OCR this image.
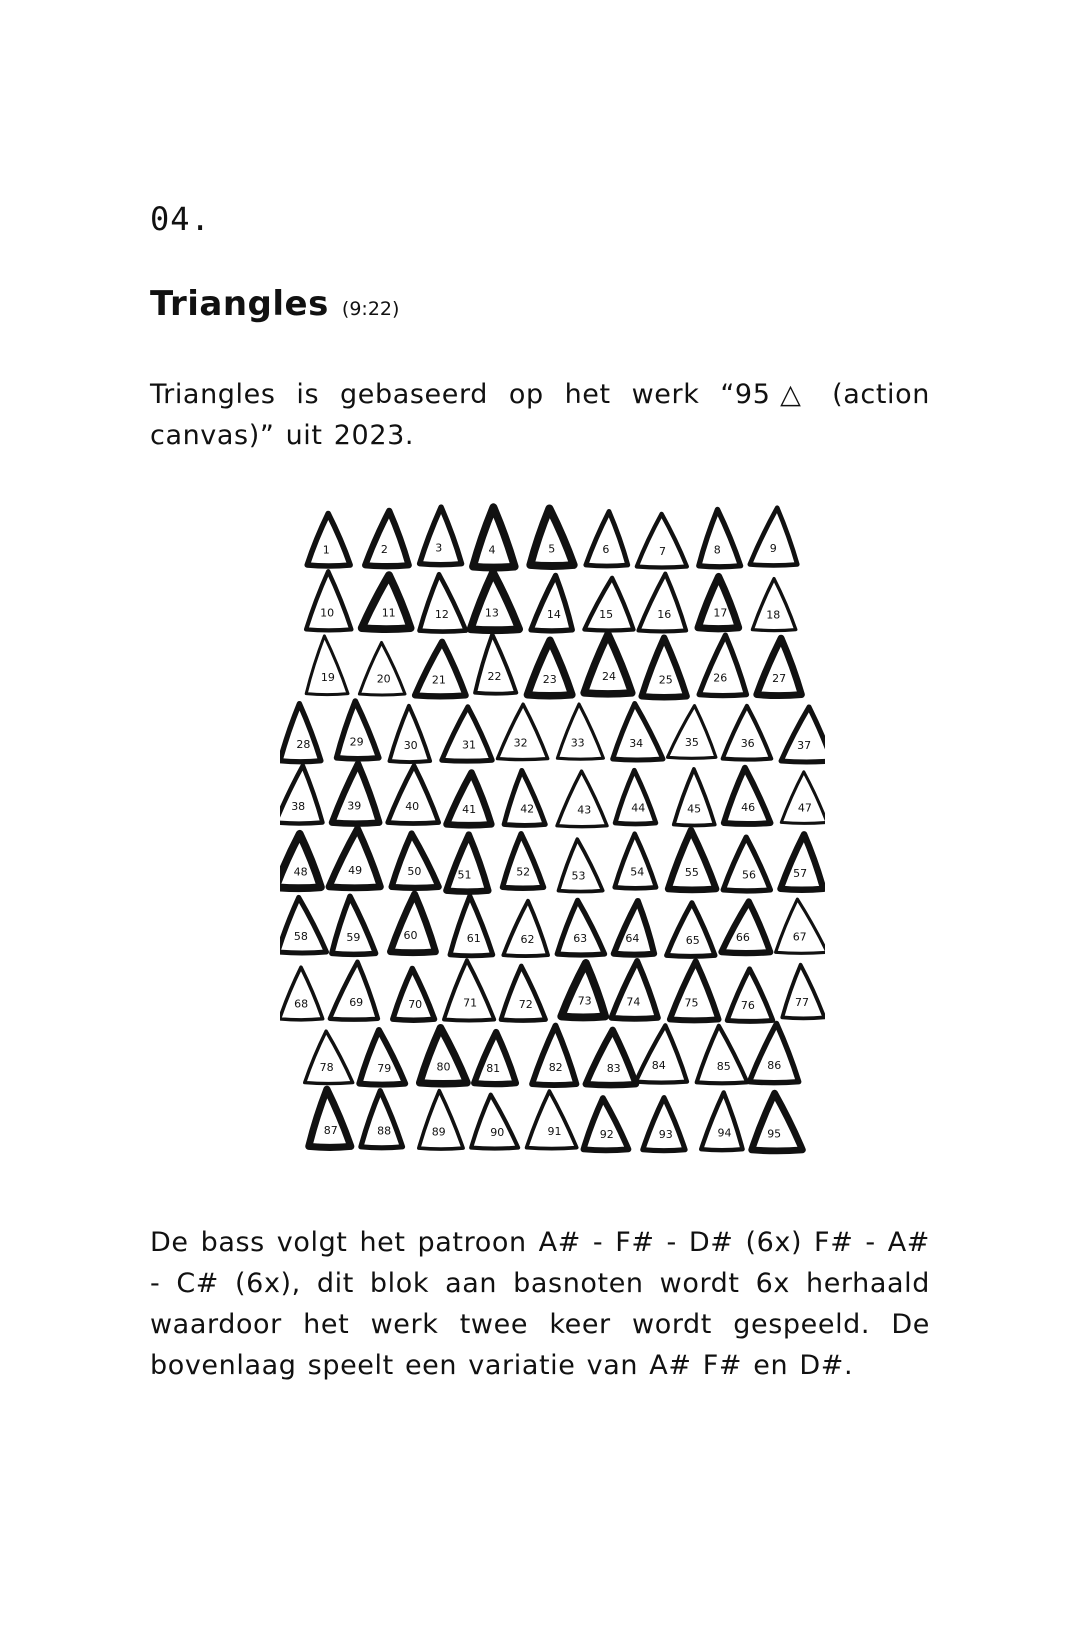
04.
Triangles (9:22)
Triangles is gebaseerd op het werk “95△ (action canvas)” uit 2023.
1	2	3	4	5	6	7	8	9
10	11	12	13	14	15	16	17	18
19	20	21	22	23	24	25	26	27
28	29	30	31	32	33	34	35	36	37
38	39	40	41	42	43	44	45	46	47
48	49	50	51	52	53	54	55	56	57
58	59	60	61	62	63	64	65	66	67
68	69	70	71	72	73	74	75	76	77
78	79	80	81	82	83	84	85	86
87	88	89	90	91	92	93	94	95
De bass volgt het patroon A# - F# - D# (6x) F# - A# - C# (6x), dit blok aan basnoten wordt 6x herhaald waardoor het werk twee keer wordt gespeeld. De bovenlaag speelt een variatie van A# F# en D#.
